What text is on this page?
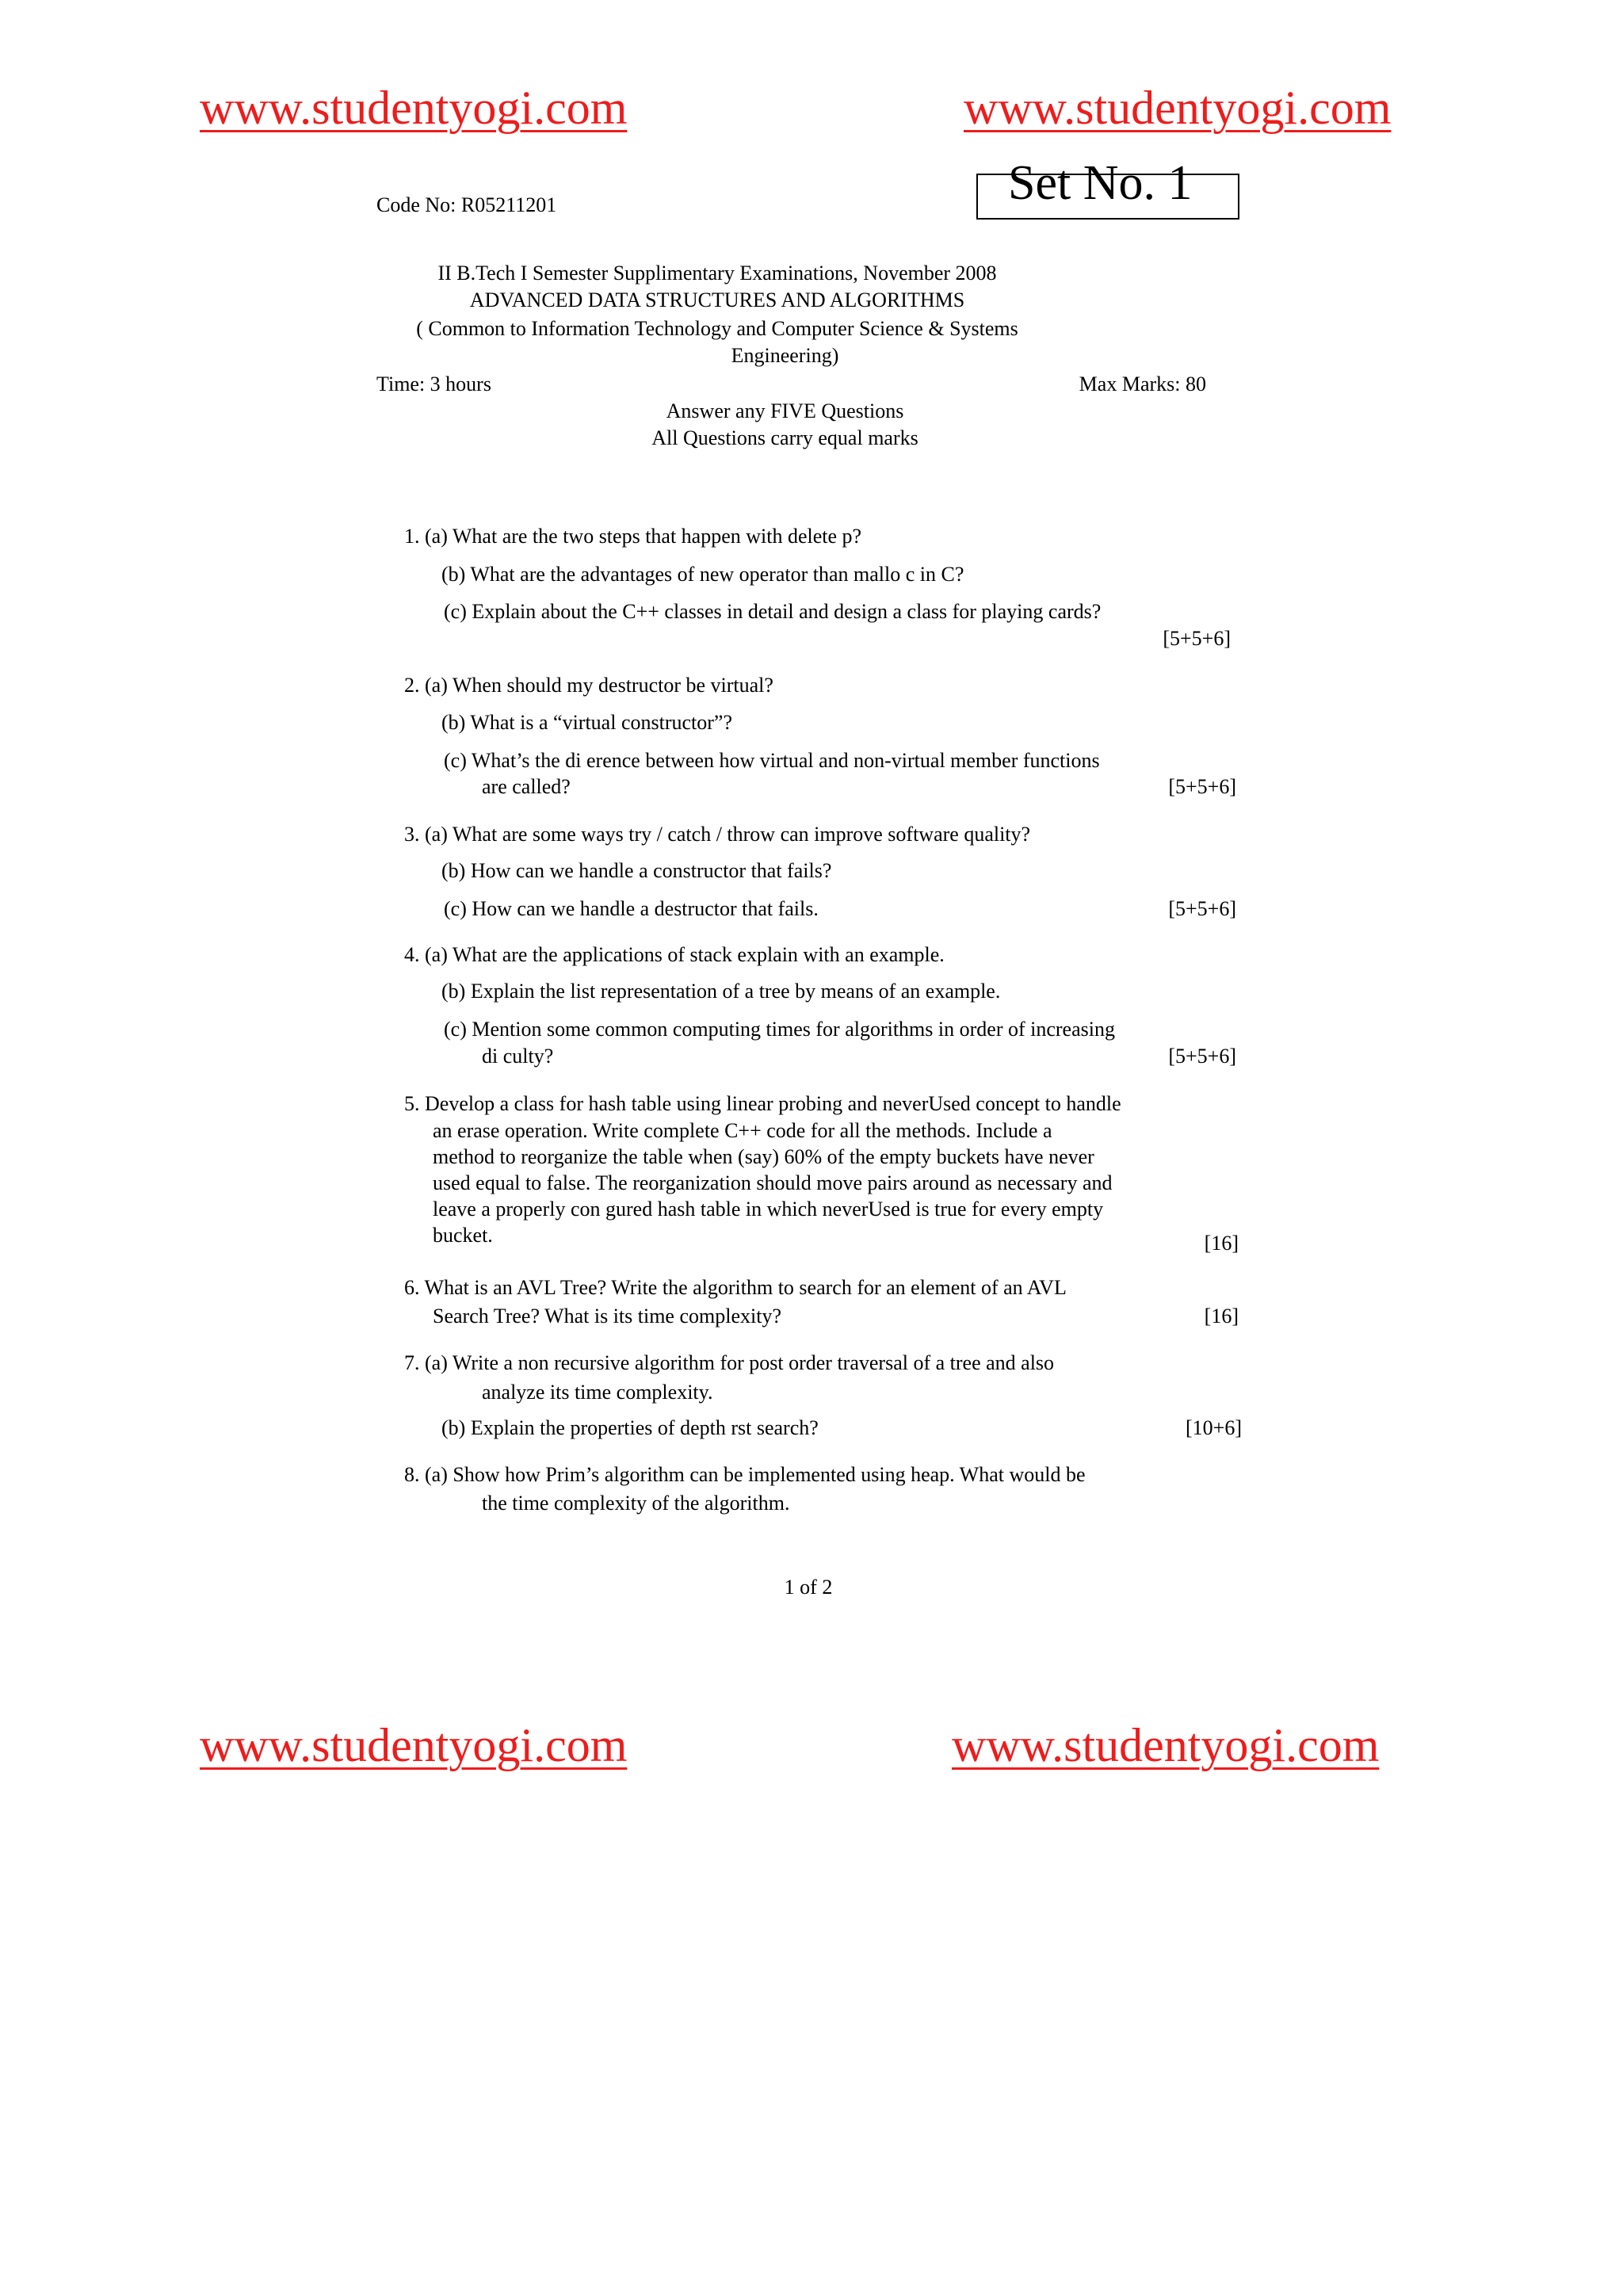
www.studentyogi.com	www.studentyogi.com
www.studentyogi.com	www.studentyogi.com
Code No: R05211201	Set No. 1
II B.Tech I Semester Supplimentary Examinations, November 2008
ADVANCED DATA STRUCTURES AND ALGORITHMS
( Common to Information Technology and Computer Science & Systems
Engineering)
Time: 3 hours	Max Marks: 80
Answer any FIVE Questions
All Questions carry equal marks
1. (a) What are the two steps that happen with delete p?
(b) What are the advantages of new operator than mallo c in C?
(c) Explain about the C++ classes in detail and design a class for playing cards?
[5+5+6]
2. (a) When should my destructor be virtual?
(b) What is a “virtual constructor”?
(c) What’s the di erence between how virtual and non-virtual member functions
are called?	[5+5+6]
3. (a) What are some ways try / catch / throw can improve software quality?
(b) How can we handle a constructor that fails?
(c) How can we handle a destructor that fails.	[5+5+6]
4. (a) What are the applications of stack explain with an example.
(b) Explain the list representation of a tree by means of an example.
(c) Mention some common computing times for algorithms in order of increasing
di culty?	[5+5+6]
5. Develop a class for hash table using linear probing and neverUsed concept to handle
an erase operation. Write complete C++ code for all the methods. Include a
method to reorganize the table when (say) 60% of the empty buckets have never
used equal to false. The reorganization should move pairs around as necessary and
leave a properly con gured hash table in which neverUsed is true for every empty
bucket.	[16]
6. What is an AVL Tree? Write the algorithm to search for an element of an AVL
Search Tree? What is its time complexity?	[16]
7. (a) Write a non recursive algorithm for post order traversal of a tree and also
analyze its time complexity.
(b) Explain the properties of depth rst search?	[10+6]
8. (a) Show how Prim’s algorithm can be implemented using heap. What would be
the time complexity of the algorithm.
1 of 2
